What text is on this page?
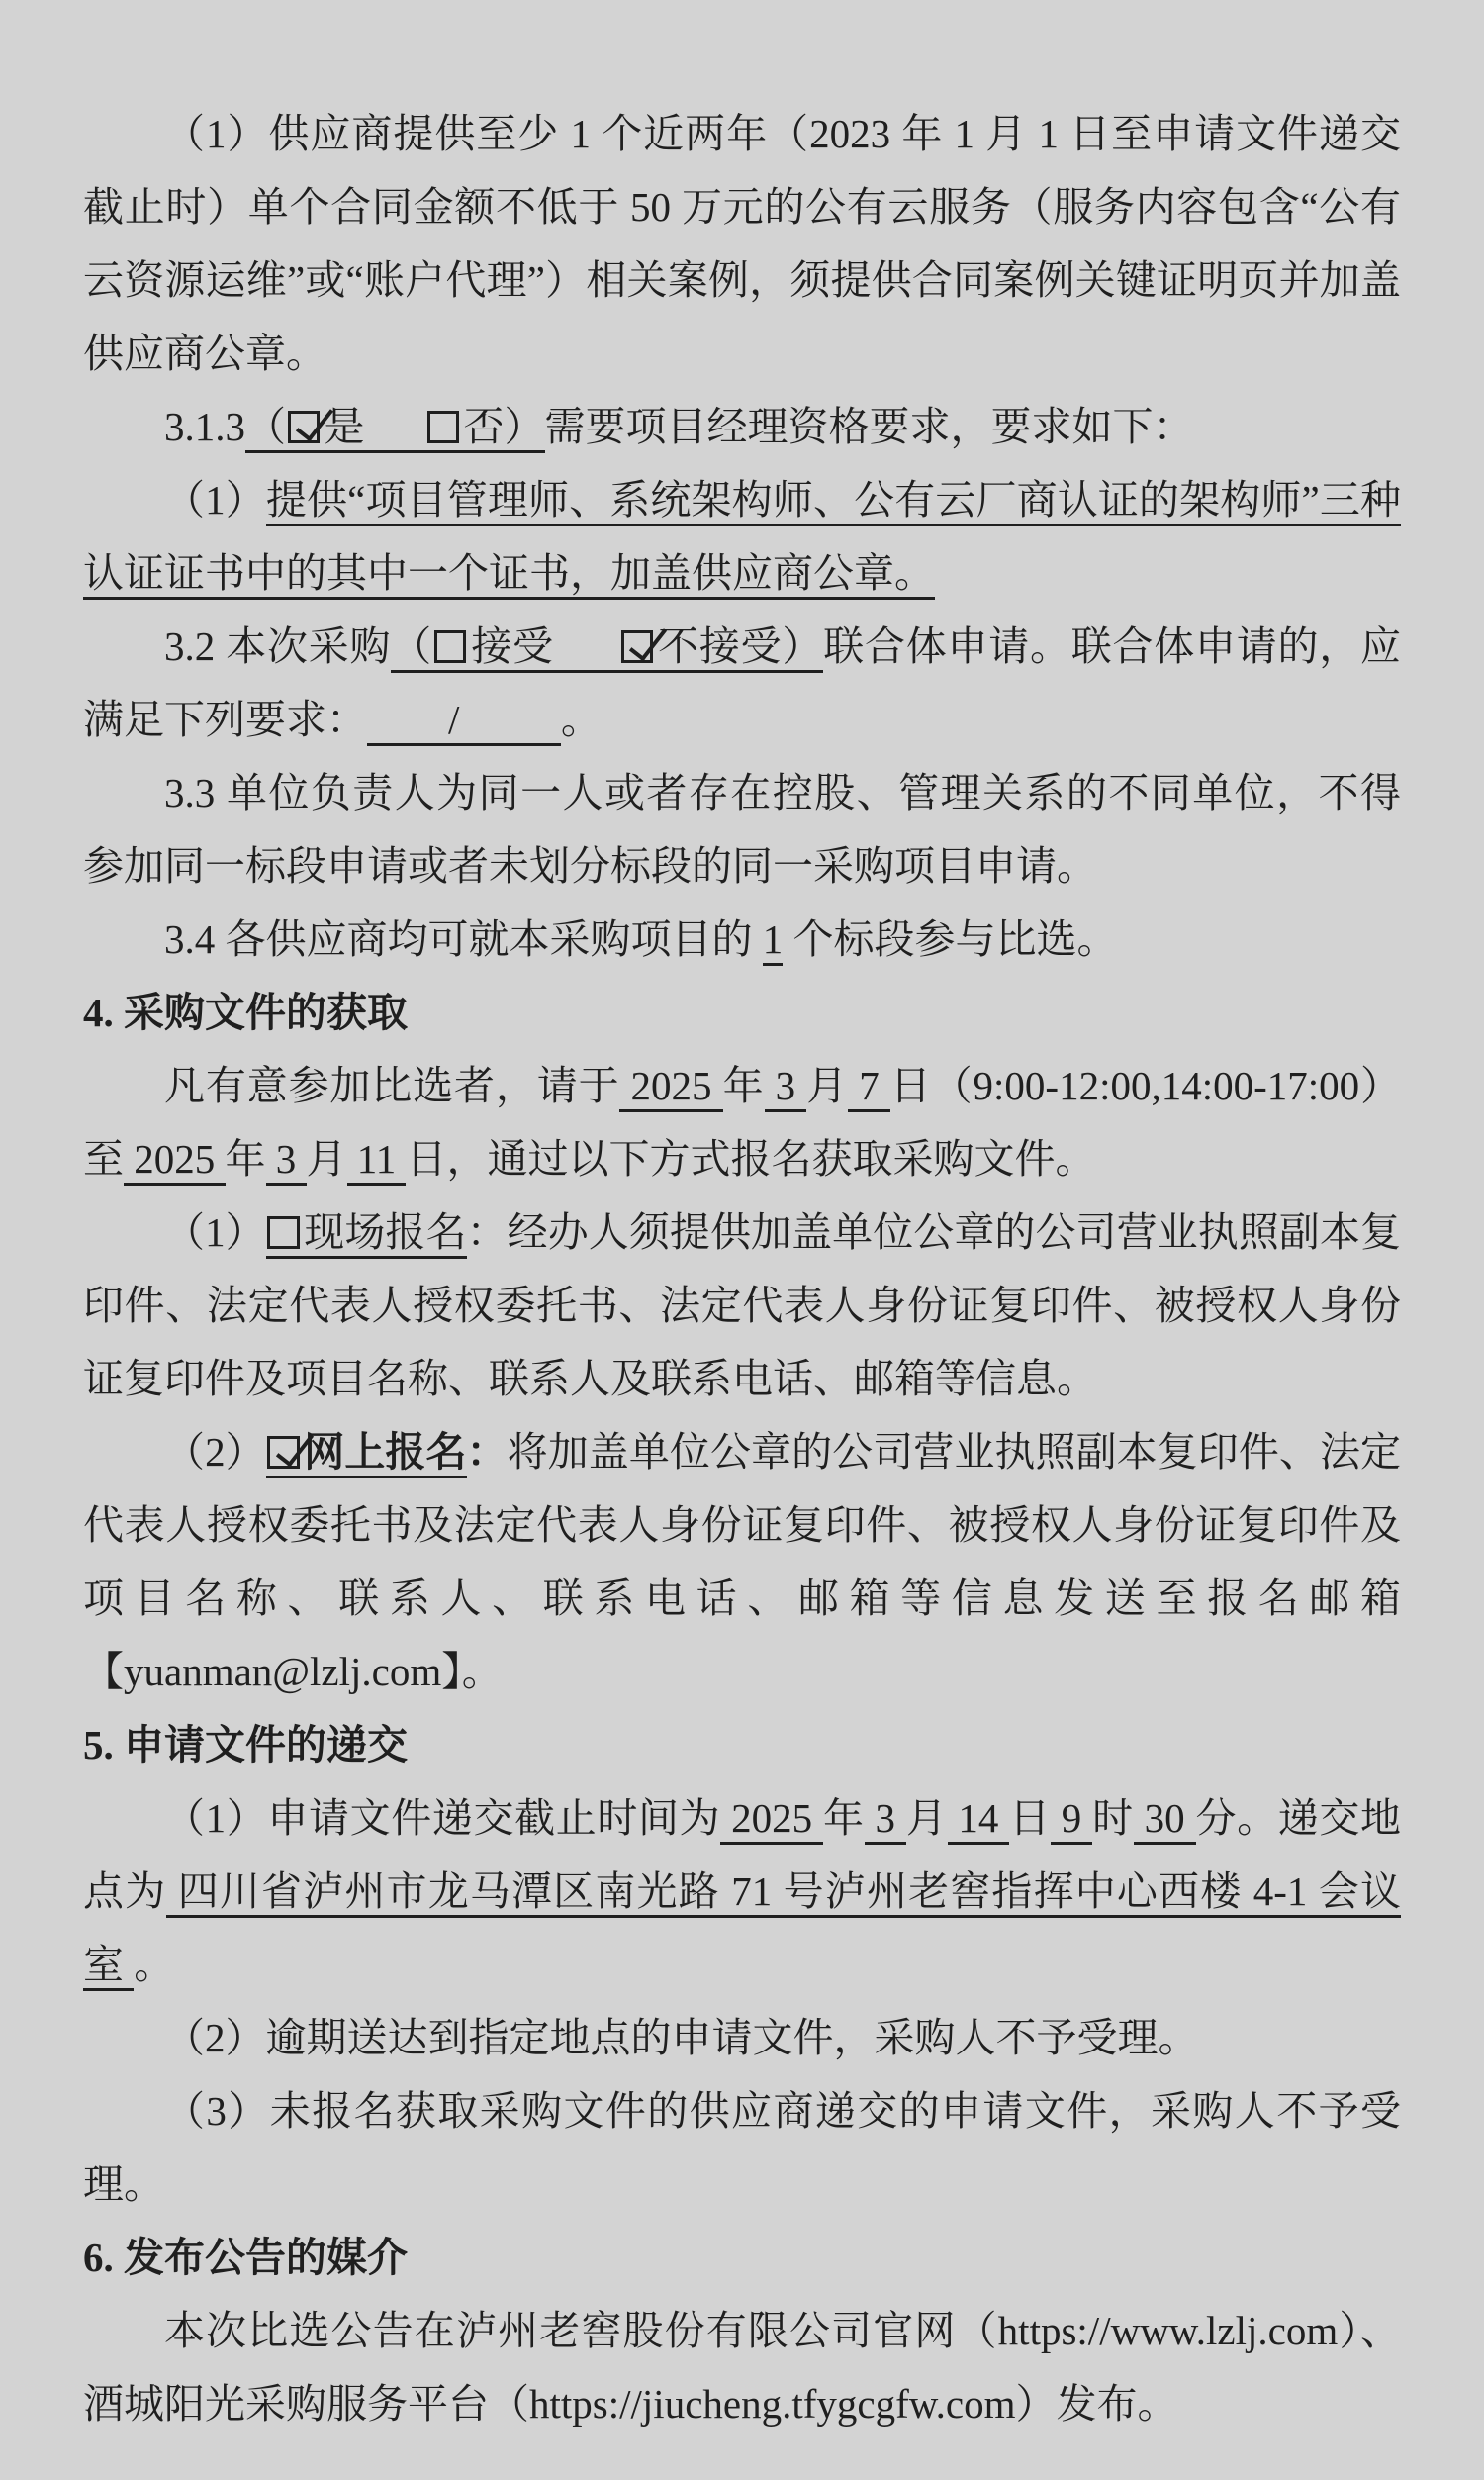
（1）供应商提供至少 1 个近两年（2023 年 1 月 1 日至申请文件递交截止时）单个合同金额不低于 50 万元的公有云服务（服务内容包含“公有云资源运维”或“账户代理”）相关案例，须提供合同案例关键证明页并加盖供应商公章。

3.1.3（ 是      否）需要项目经理资格要求，要求如下：

（1）提供“项目管理师、系统架构师、公有云厂商认证的架构师”三种认证证书中的其中一个证书，加盖供应商公章。

3.2 本次采购（ 接受      不接受）联合体申请。联合体申请的，应满足下列要求：        /          。

3.3 单位负责人为同一人或者存在控股、管理关系的不同单位，不得参加同一标段申请或者未划分标段的同一采购项目申请。

3.4 各供应商均可就本采购项目的 1 个标段参与比选。

4. 采购文件的获取

凡有意参加比选者，请于 2025 年 3 月 7 日（9:00-12:00,14:00-17:00）至 2025 年 3 月 11 日，通过以下方式报名获取采购文件。

（1） 现场报名：经办人须提供加盖单位公章的公司营业执照副本复印件、法定代表人授权委托书、法定代表人身份证复印件、被授权人身份证复印件及项目名称、联系人及联系电话、邮箱等信息。

（2） 网上报名：将加盖单位公章的公司营业执照副本复印件、法定代表人授权委托书及法定代表人身份证复印件、被授权人身份证复印件及项目名称、联系人、联系电话、邮箱等信息发送至报名邮箱【yuanman@lzlj.com】。

5. 申请文件的递交

（1）申请文件递交截止时间为 2025 年 3 月 14 日 9 时 30 分。递交地点为 四川省泸州市龙马潭区南光路 71 号泸州老窖指挥中心西楼 4-1 会议室 。

（2）逾期送达到指定地点的申请文件，采购人不予受理。

（3）未报名获取采购文件的供应商递交的申请文件，采购人不予受理。

6. 发布公告的媒介

本次比选公告在泸州老窖股份有限公司官网（https://www.lzlj.com）、酒城阳光采购服务平台（https://jiucheng.tfygcgfw.com）发布。
